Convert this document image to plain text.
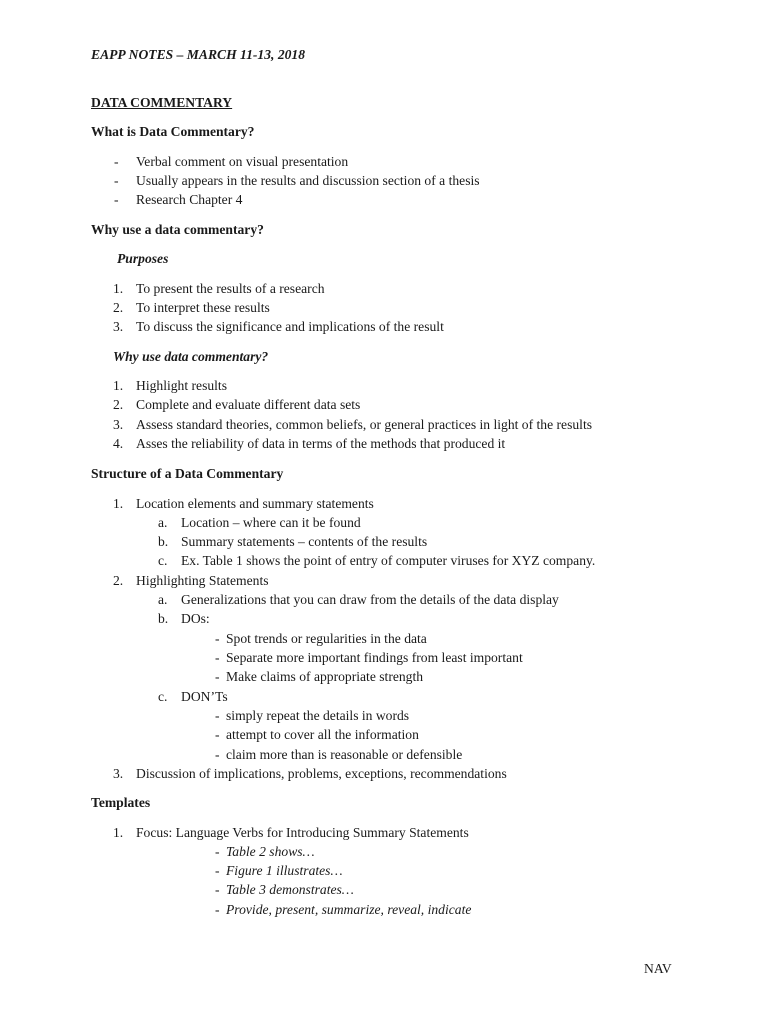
EAPP NOTES – MARCH 11-13, 2018
DATA COMMENTARY
What is Data Commentary?
- Verbal comment on visual presentation
- Usually appears in the results and discussion section of a thesis
- Research Chapter 4
Why use a data commentary?
Purposes
1. To present the results of a research
2. To interpret these results
3. To discuss the significance and implications of the result
Why use data commentary?
1. Highlight results
2. Complete and evaluate different data sets
3. Assess standard theories, common beliefs, or general practices in light of the results
4. Asses the reliability of data in terms of the methods that produced it
Structure of a Data Commentary
1. Location elements and summary statements
a. Location – where can it be found
b. Summary statements – contents of the results
c. Ex. Table 1 shows the point of entry of computer viruses for XYZ company.
2. Highlighting Statements
a. Generalizations that you can draw from the details of the data display
b. DOs:
- Spot trends or regularities in the data
- Separate more important findings from least important
- Make claims of appropriate strength
c. DON’Ts
- simply repeat the details in words
- attempt to cover all the information
- claim more than is reasonable or defensible
3. Discussion of implications, problems, exceptions, recommendations
Templates
1. Focus: Language Verbs for Introducing Summary Statements
- Table 2 shows…
- Figure 1 illustrates…
- Table 3 demonstrates…
- Provide, present, summarize, reveal, indicate
NAV
